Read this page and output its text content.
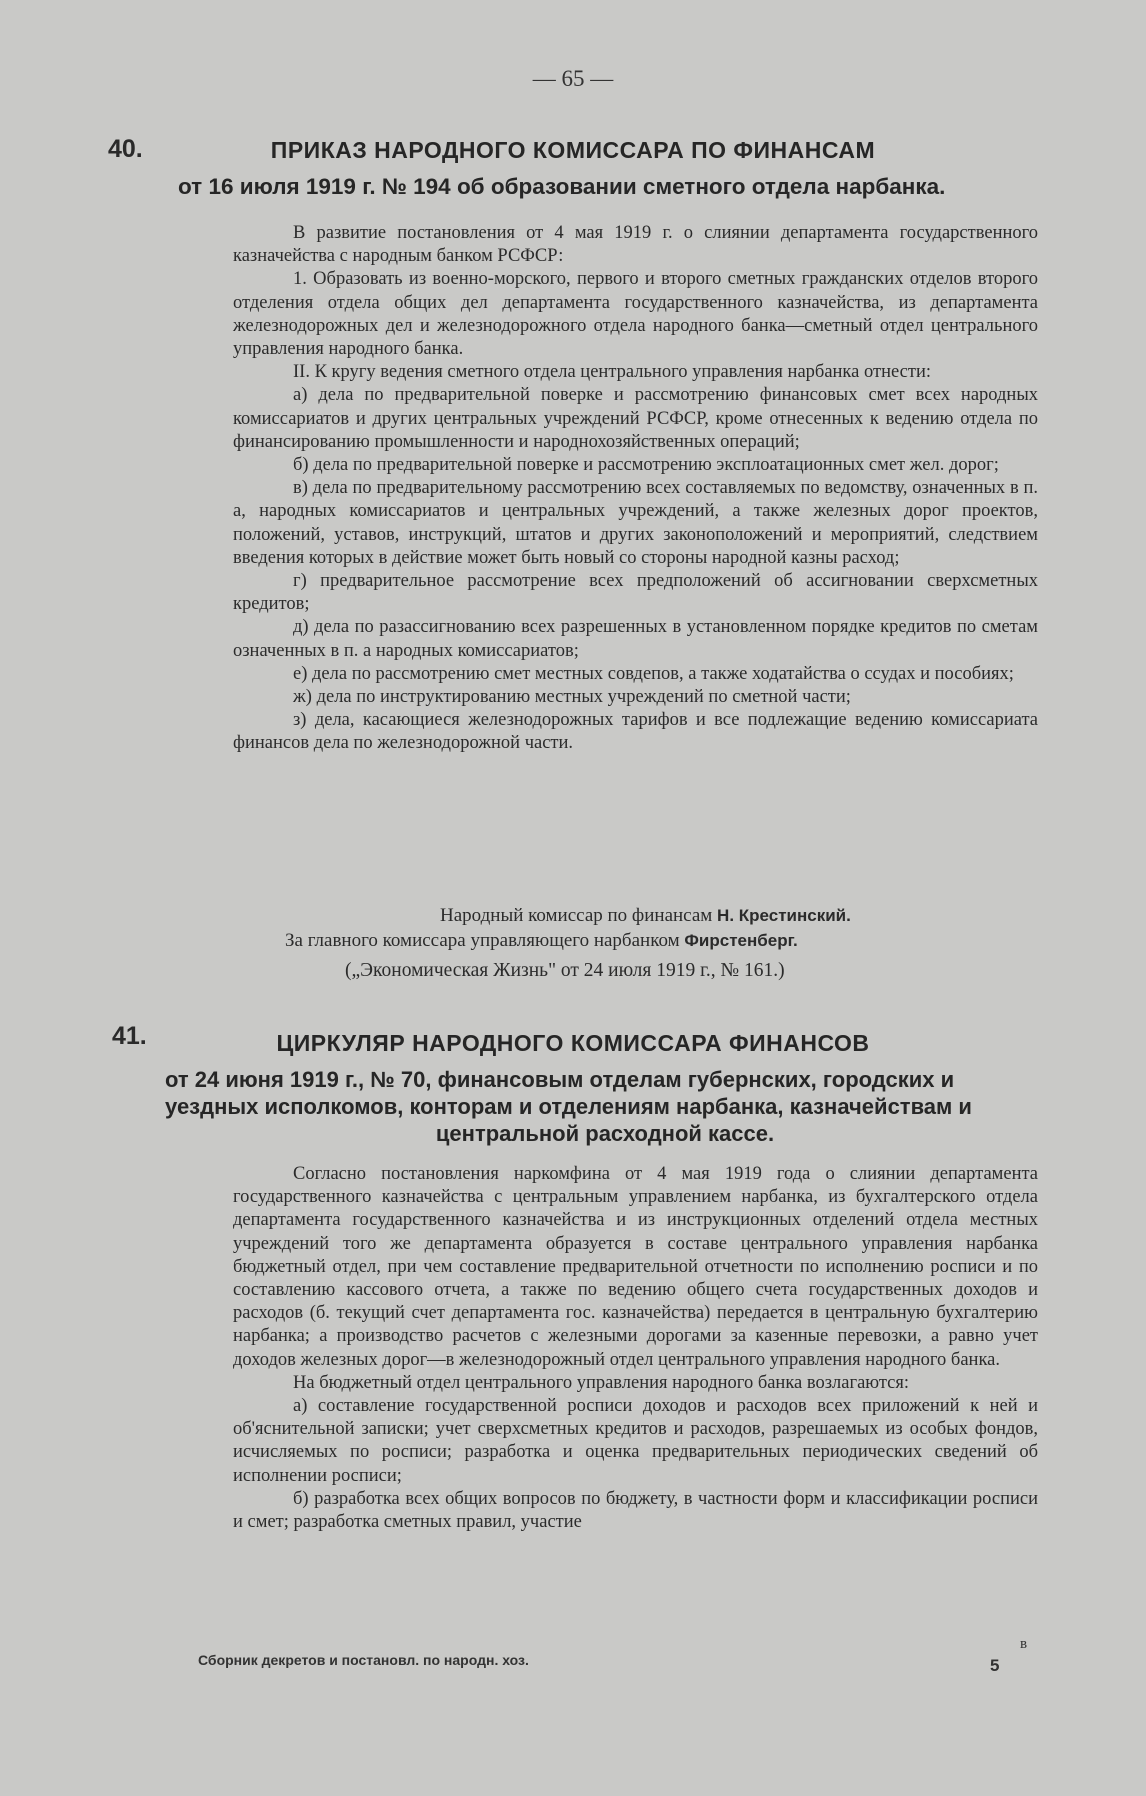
— 65 —
40.	ПРИКАЗ НАРОДНОГО КОМИССАРА ПО ФИНАНСАМ
от 16 июля 1919 г. № 194 об образовании сметного отдела нарбанка.

В развитие постановления от 4 мая 1919 г. о слиянии департамента государственного казначейства с народным банком РСФСР:

1. Образовать из военно-морского, первого и второго сметных гражданских отделов второго отделения отдела общих дел департамента государственного казначейства, из департамента железнодорожных дел и железнодорожного отдела народного банка—сметный отдел центрального управления народного банка.

II. К кругу ведения сметного отдела центрального управления нарбанка отнести:

а) дела по предварительной поверке и рассмотрению финансовых смет всех народных комиссариатов и других центральных учреждений РСФСР, кроме отнесенных к ведению отдела по финансированию промышленности и народнохозяйственных операций;

б) дела по предварительной поверке и рассмотрению эксплоатационных смет жел. дорог;

в) дела по предварительному рассмотрению всех составляемых по ведомству, означенных в п. а, народных комиссариатов и центральных учреждений, а также железных дорог проектов, положений, уставов, инструкций, штатов и других законоположений и мероприятий, следствием введения которых в действие может быть новый со стороны народной казны расход;

г) предварительное рассмотрение всех предположений об ассигновании сверхсметных кредитов;

д) дела по разассигнованию всех разрешенных в установленном порядке кредитов по сметам означенных в п. а народных комиссариатов;

е) дела по рассмотрению смет местных совдепов, а также ходатайства о ссудах и пособиях;

ж) дела по инструктированию местных учреждений по сметной части;

з) дела, касающиеся железнодорожных тарифов и все подлежащие ведению комиссариата финансов дела по железнодорожной части.

Народный комиссар по финансам Н. Крестинский.
За главного комиссара управляющего нарбанком Фирстенберг.
(„Экономическая Жизнь" от 24 июля 1919 г., № 161.)
41.	ЦИРКУЛЯР НАРОДНОГО КОМИССАРА ФИНАНСОВ
от 24 июня 1919 г., № 70, финансовым отделам губернских, городских и
уездных исполкомов, конторам и отделениям нарбанка, казначействам и
центральной расходной кассе.

Согласно постановления наркомфина от 4 мая 1919 года о слиянии департамента государственного казначейства с центральным управлением нарбанка, из бухгалтерского отдела департамента государственного казначейства и из инструкционных отделений отдела местных учреждений того же департамента образуется в составе центрального управления нарбанка бюджетный отдел, при чем составление предварительной отчетности по исполнению росписи и по составлению кассового отчета, а также по ведению общего счета государственных доходов и расходов (б. текущий счет департамента гос. казначейства) передается в центральную бухгалтерию нарбанка; а производство расчетов с железными дорогами за казенные перевозки, а равно учет доходов железных дорог—в железнодорожный отдел центрального управления народного банка.

На бюджетный отдел центрального управления народного банка возлагаются:

а) составление государственной росписи доходов и расходов всех приложений к ней и об'яснительной записки; учет сверхсметных кредитов и расходов, разрешаемых из особых фондов, исчисляемых по росписи; разработка и оценка предварительных периодических сведений об исполнении росписи;

б) разработка всех общих вопросов по бюджету, в частности форм и классификации росписи и смет; разработка сметных правил, участие

в
Сборник декретов и постановл. по народн. хоз.	5
